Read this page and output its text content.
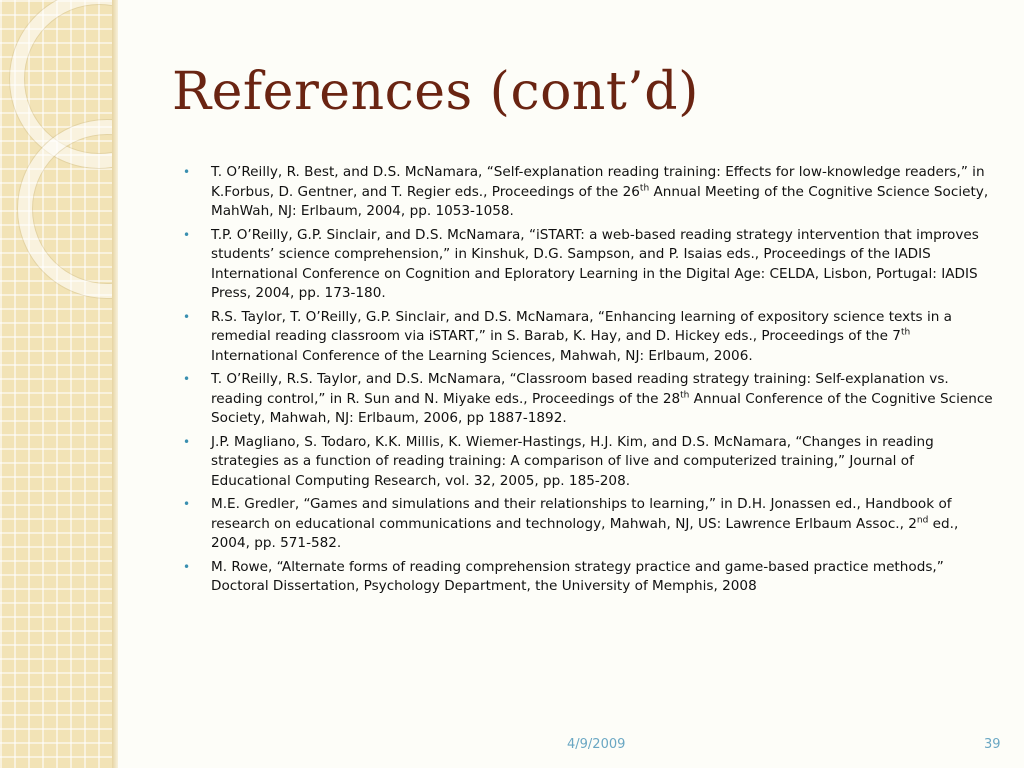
References (cont’d)
• T. O’Reilly, R. Best, and D.S. McNamara, “Self-explanation reading training: Effects for low-knowledge readers,” in K.Forbus, D. Gentner, and T. Regier eds., Proceedings of the 26th Annual Meeting of the Cognitive Science Society, MahWah, NJ: Erlbaum, 2004, pp. 1053-1058.
• T.P. O’Reilly, G.P. Sinclair, and D.S. McNamara, “iSTART: a web-based reading strategy intervention that improves students’ science comprehension,” in Kinshuk, D.G. Sampson, and P. Isaias eds., Proceedings of the IADIS International Conference on Cognition and Eploratory Learning in the Digital Age: CELDA, Lisbon, Portugal: IADIS Press, 2004, pp. 173-180.
• R.S. Taylor, T. O’Reilly, G.P. Sinclair, and D.S. McNamara, “Enhancing learning of expository science texts in a remedial reading classroom via iSTART,” in S. Barab, K. Hay, and D. Hickey eds., Proceedings of the 7th International Conference of the Learning Sciences, Mahwah, NJ: Erlbaum, 2006.
• T. O’Reilly, R.S. Taylor, and D.S. McNamara, “Classroom based reading strategy training: Self-explanation vs. reading control,” in R. Sun and N. Miyake eds., Proceedings of the 28th Annual Conference of the Cognitive Science Society, Mahwah, NJ: Erlbaum, 2006, pp 1887-1892.
• J.P. Magliano, S. Todaro, K.K. Millis, K. Wiemer-Hastings, H.J. Kim, and D.S. McNamara, “Changes in reading strategies as a function of reading training: A comparison of live and computerized training,” Journal of Educational Computing Research, vol. 32, 2005, pp. 185-208.
• M.E. Gredler, “Games and simulations and their relationships to learning,” in D.H. Jonassen ed., Handbook of research on educational communications and technology, Mahwah, NJ, US: Lawrence Erlbaum Assoc., 2nd ed., 2004, pp. 571-582.
• M. Rowe, “Alternate forms of reading comprehension strategy practice and game-based practice methods,” Doctoral Dissertation, Psychology Department, the University of Memphis, 2008
4/9/2009	39
